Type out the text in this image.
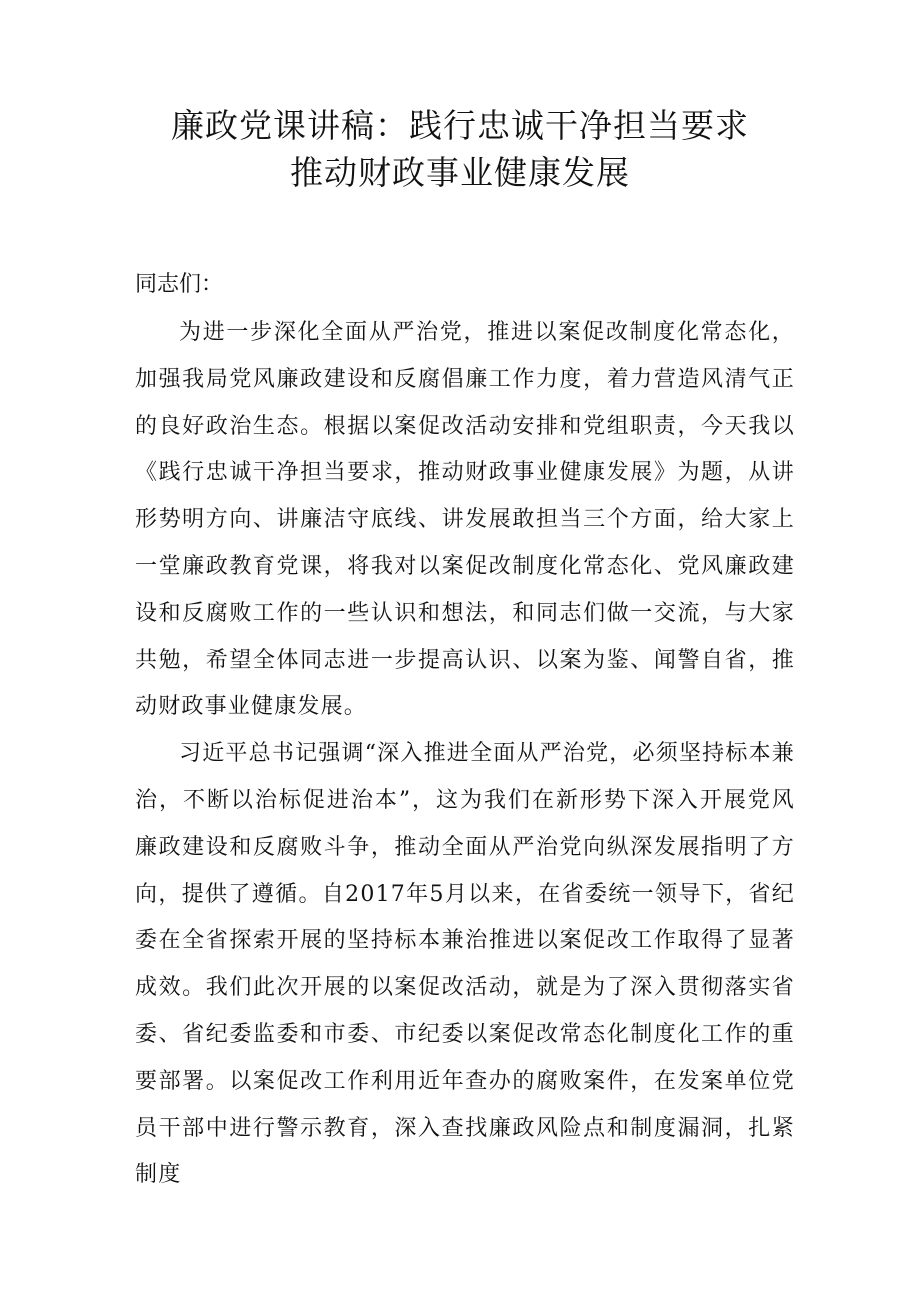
廉政党课讲稿：践行忠诚干净担当要求
推动财政事业健康发展
同志们：

为进一步深化全面从严治党，推进以案促改制度化常态化，加强我局党风廉政建设和反腐倡廉工作力度，着力营造风清气正的良好政治生态。根据以案促改活动安排和党组职责，今天我以《践行忠诚干净担当要求，推动财政事业健康发展》为题，从讲形势明方向、讲廉洁守底线、讲发展敢担当三个方面，给大家上一堂廉政教育党课，将我对以案促改制度化常态化、党风廉政建设和反腐败工作的一些认识和想法，和同志们做一交流，与大家共勉，希望全体同志进一步提高认识、以案为鉴、闻警自省，推动财政事业健康发展。

习近平总书记强调“深入推进全面从严治党，必须坚持标本兼治，不断以治标促进治本”，这为我们在新形势下深入开展党风廉政建设和反腐败斗争，推动全面从严治党向纵深发展指明了方向，提供了遵循。自2017年5月以来，在省委统一领导下，省纪委在全省探索开展的坚持标本兼治推进以案促改工作取得了显著成效。我们此次开展的以案促改活动，就是为了深入贯彻落实省委、省纪委监委和市委、市纪委以案促改常态化制度化工作的重要部署。以案促改工作利用近年查办的腐败案件，在发案单位党员干部中进行警示教育，深入查找廉政风险点和制度漏洞，扎紧制度
